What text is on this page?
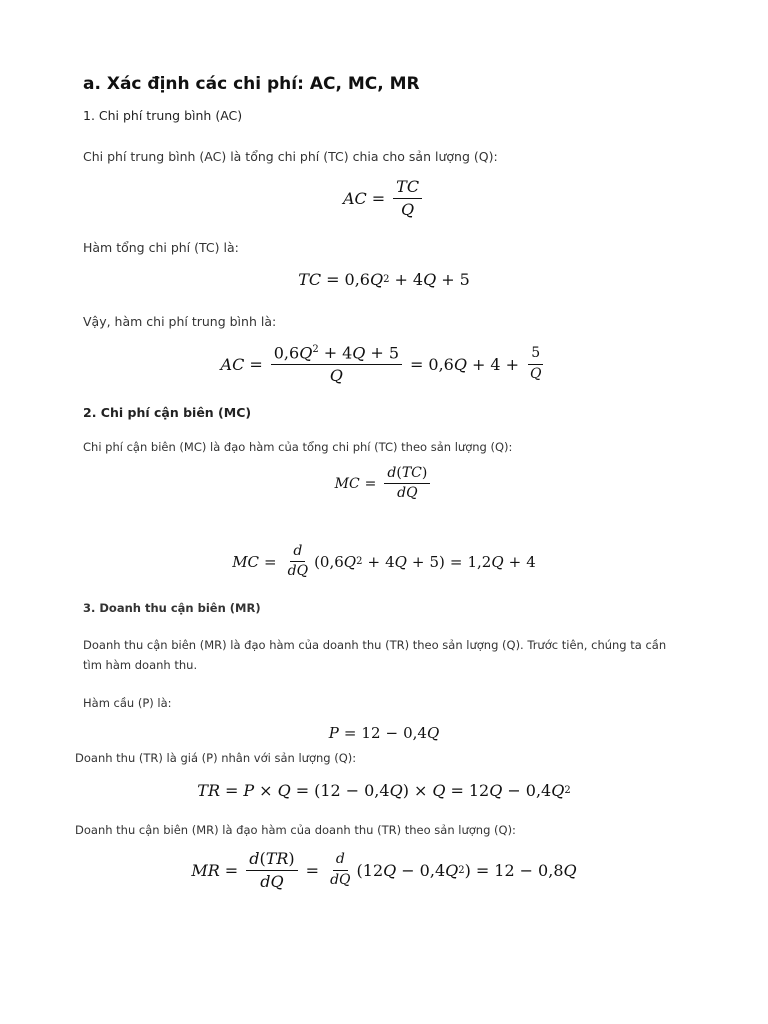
a. Xác định các chi phí: AC, MC, MR
1. Chi phí trung bình (AC)
Chi phí trung bình (AC) là tổng chi phí (TC) chia cho sản lượng (Q):
AC = $\frac{TC}{Q}$
Hàm tổng chi phí (TC) là:
TC = 0,6 Q 2 + 4 Q + 5
Vậy, hàm chi phí trung bình là:
AC = $\frac{0,6Q^2 + 4Q + 5}{Q} = 0,6$ $Q + 4 + \frac{5}{Q}$
2. Chi phí cận biên (MC)
Chi phí cận biên (MC) là đạo hàm của tổng chi phí (TC) theo sản lượng (Q):
MC = $\frac{d(TC)}{dQ}$
MC = $\frac{d}{dQ} (0,6$ Q 2 + 4 Q + 5) = 1,2 Q + 4
3. Doanh thu cận biên (MR)
Doanh thu cận biên (MR) là đạo hàm của doanh thu (TR) theo sản lượng (Q). Trước tiên, chúng ta cần
tìm hàm doanh thu.
Hàm cầu (P) là:
P = 12 − 0,4 Q
Doanh thu (TR) là giá (P) nhân với sản lượng (Q):
TR = P × Q = (12 − 0,4 Q ) × Q = 12 Q − 0,4 Q 2
Doanh thu cận biên (MR) là đạo hàm của doanh thu (TR) theo sản lượng (Q):
MR = $\frac{d(TR)}{dQ} = \frac{d}{dQ} (12$ Q − 0,4 Q 2 ) = 12 − 0,8 Q
